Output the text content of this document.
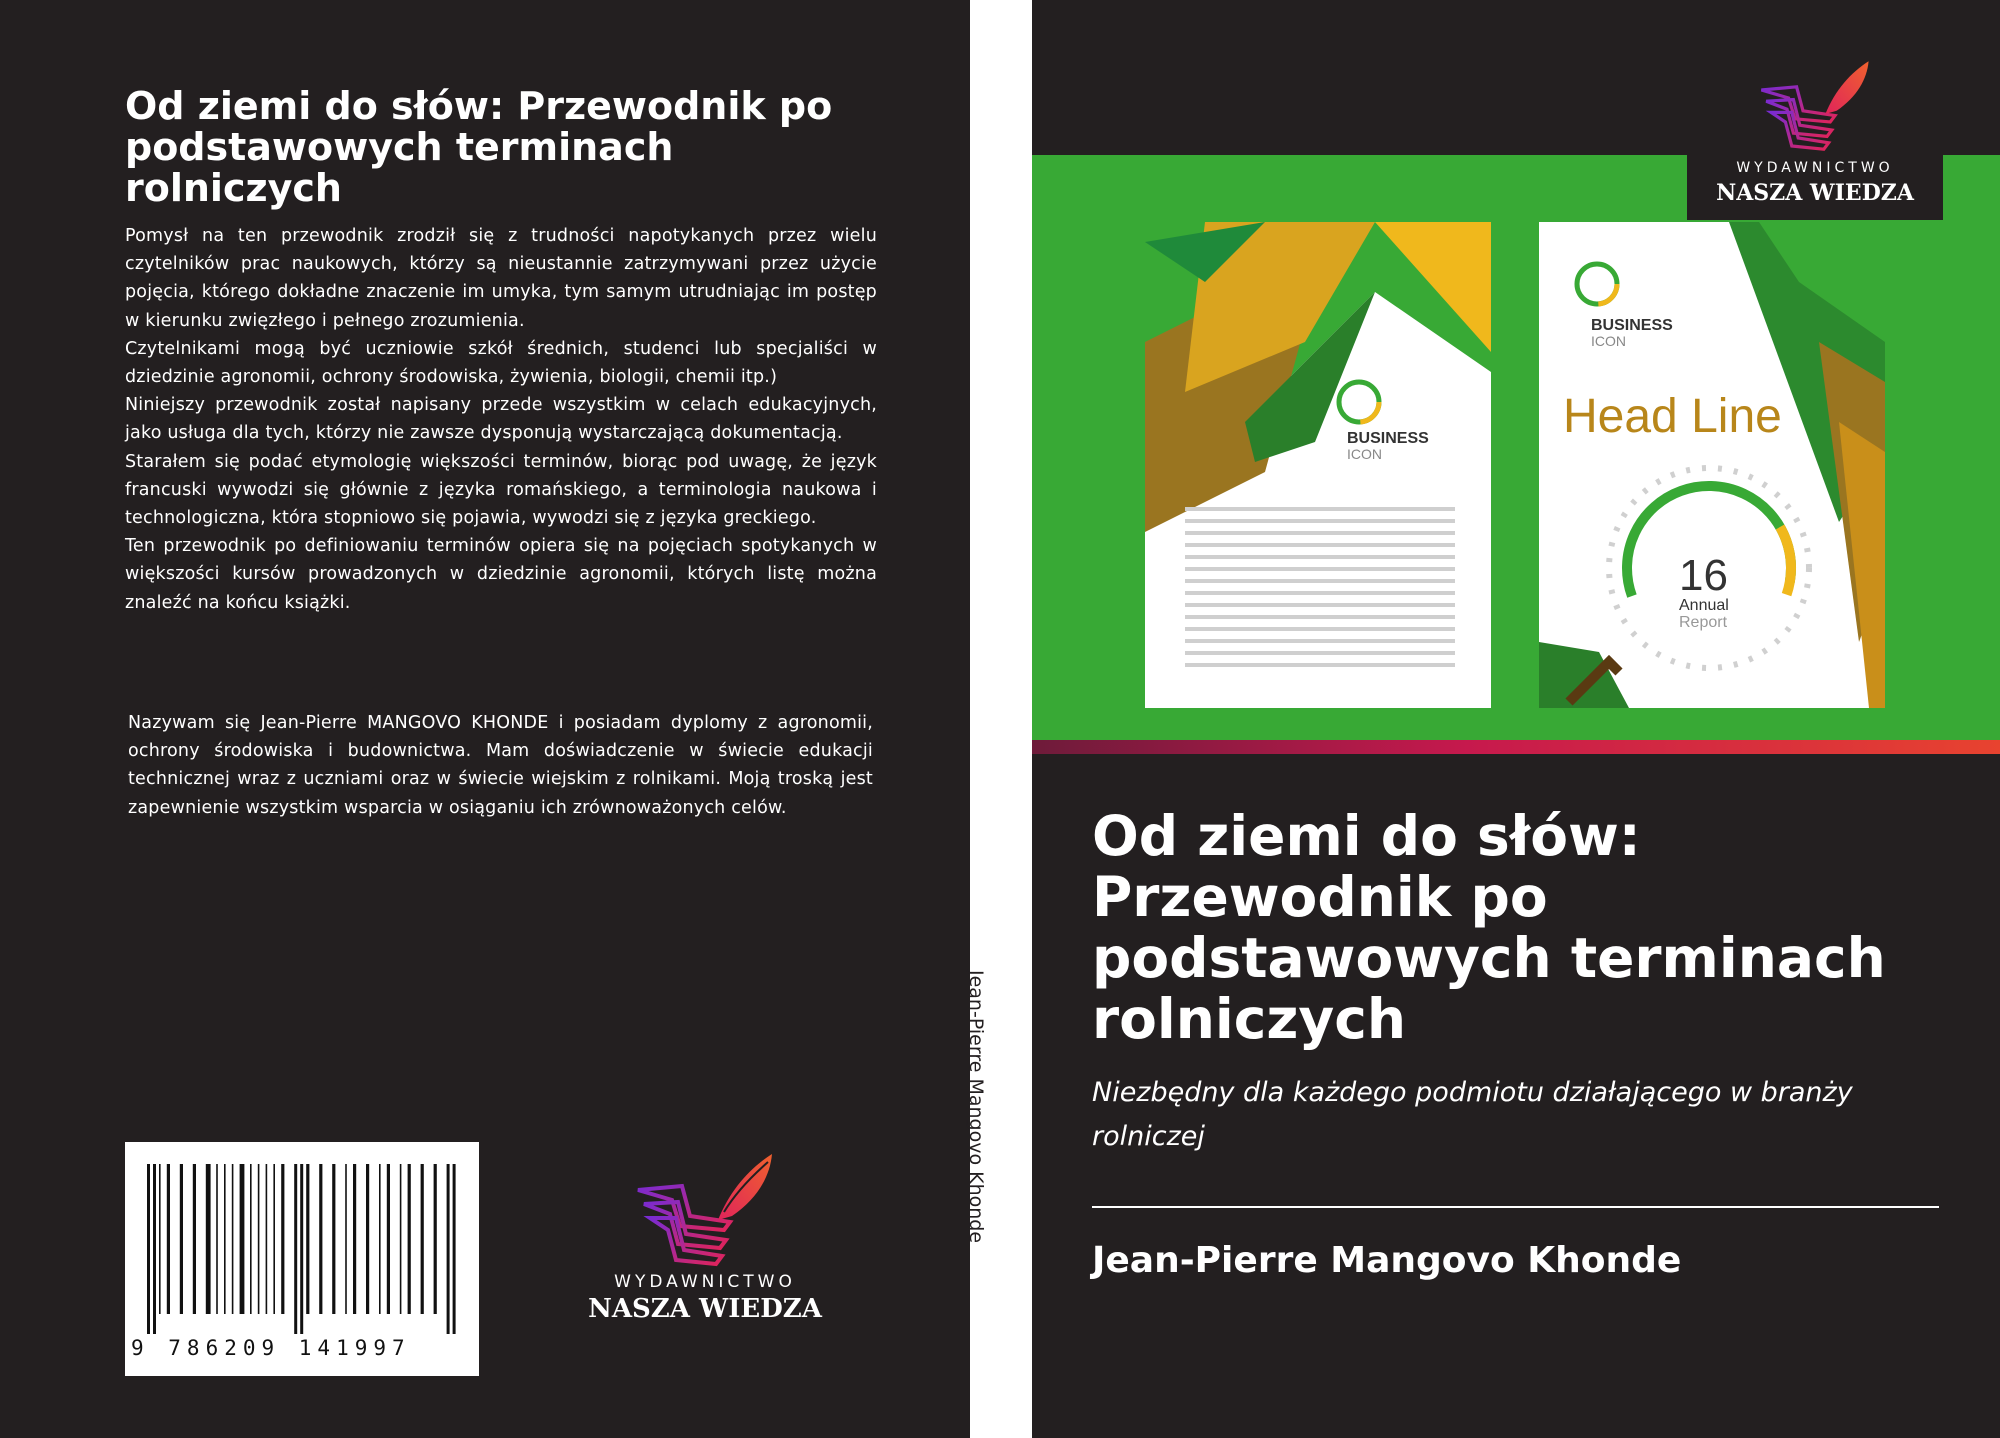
Od ziemi do słów: Przewodnik po podstawowych terminach rolniczych

Pomysł na ten przewodnik zrodził się z trudności napotykanych przez wielu czytelników prac naukowych, którzy są nieustannie zatrzymywani przez użycie pojęcia, którego dokładne znaczenie im umyka, tym samym utrudniając im postęp w kierunku zwięzłego i pełnego zrozumienia.

Czytelnikami mogą być uczniowie szkół średnich, studenci lub specjaliści w dziedzinie agronomii, ochrony środowiska, żywienia, biologii, chemii itp.)

Niniejszy przewodnik został napisany przede wszystkim w celach edukacyjnych, jako usługa dla tych, którzy nie zawsze dysponują wystarczającą dokumentacją.

Starałem się podać etymologię większości terminów, biorąc pod uwagę, że język francuski wywodzi się głównie z języka romańskiego, a terminologia naukowa i technologiczna, która stopniowo się pojawia, wywodzi się z języka greckiego.

Ten przewodnik po definiowaniu terminów opiera się na pojęciach spotykanych w większości kursów prowadzonych w dziedzinie agronomii, których listę można znaleźć na końcu książki.

Nazywam się Jean-Pierre MANGOVO KHONDE i posiadam dyplomy z agronomii, ochrony środowiska i budownictwa. Mam doświadczenie w świecie edukacji technicznej wraz z uczniami oraz w świecie wiejskim z rolnikami. Moją troską jest zapewnienie wszystkim wsparcia w osiąganiu ich zrównoważonych celów.

9 786209 141997
WYDAWNICTWO
NASZA WIEDZA
Jean-Pierre Mangovo Khonde
WYDAWNICTWO
NASZA WIEDZA
BUSINESS
ICON
BUSINESS
ICON
Head Line
16
Annual
Report
Od ziemi do słów: Przewodnik po podstawowych terminach rolniczych
Niezbędny dla każdego podmiotu działającego w branży rolniczej
Jean-Pierre Mangovo Khonde
